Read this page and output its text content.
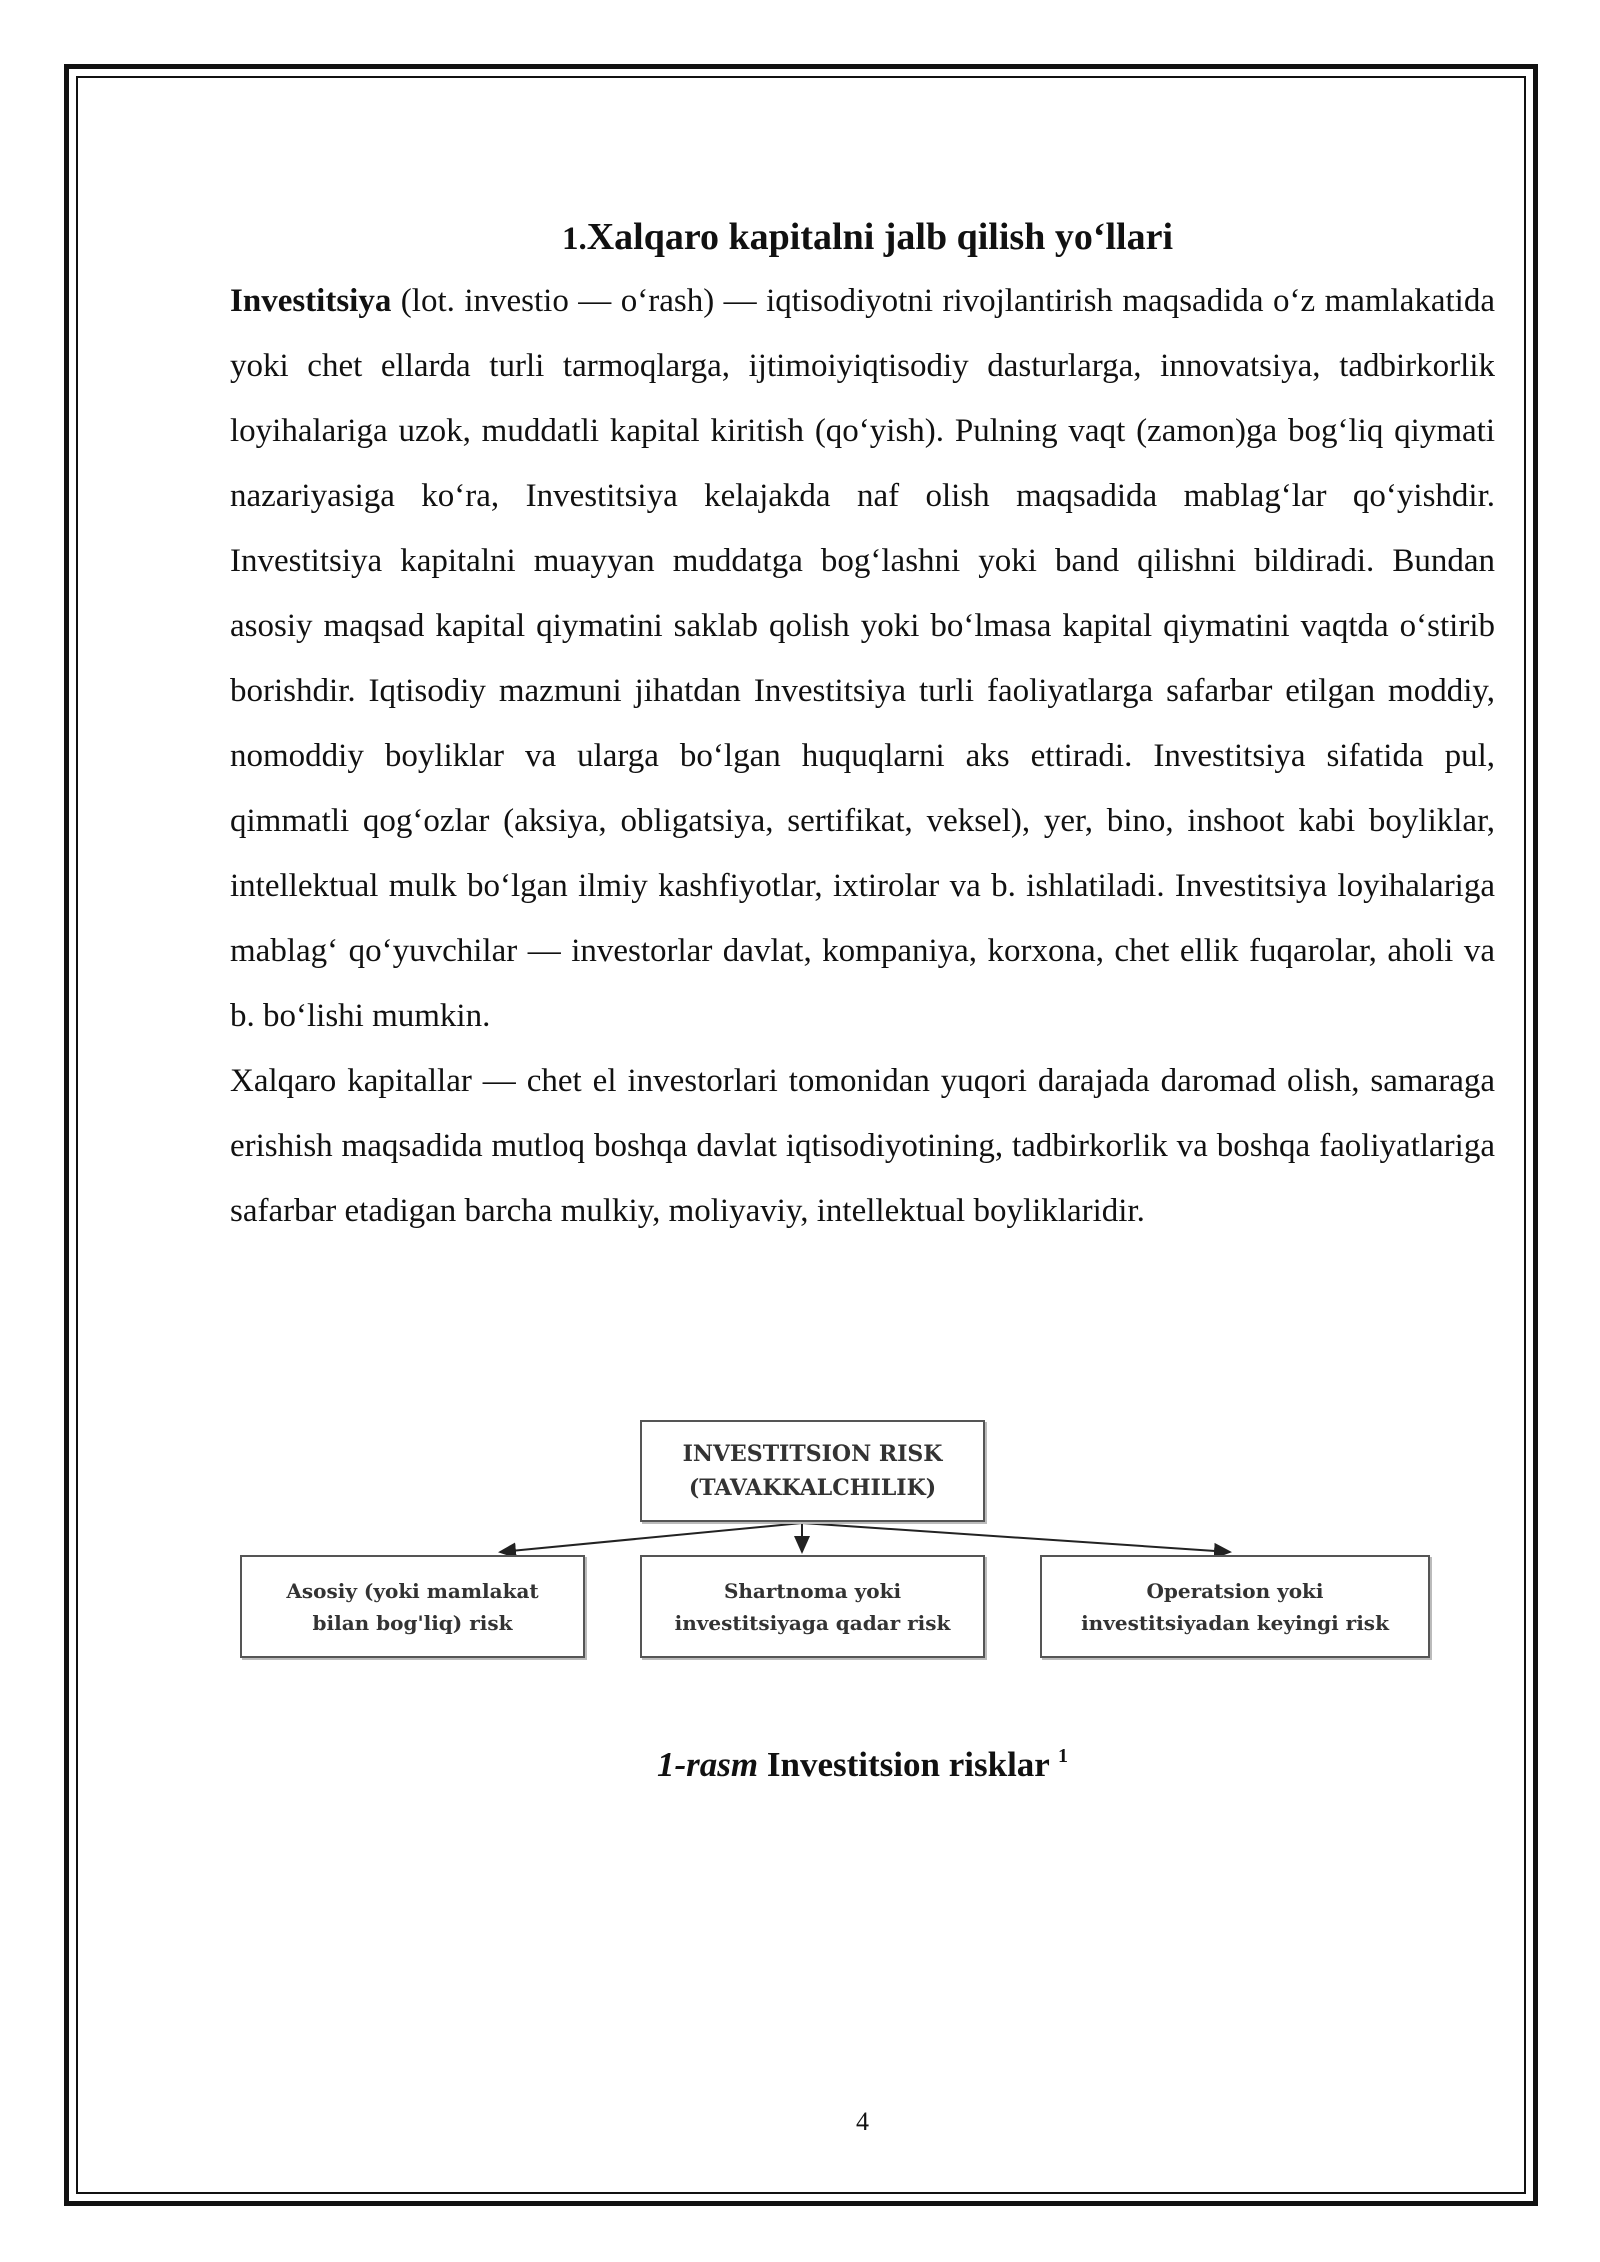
1.Xalqaro kapitalni jalb qilish yo‘llari

Investitsiya (lot. investio — o‘rash) — iqtisodiyotni rivojlantirish maqsadida o‘z mamlakatida yoki chet ellarda turli tarmoqlarga, ijtimoiyiqtisodiy dasturlarga, innovatsiya, tadbirkorlik loyihalariga uzok, muddatli kapital kiritish (qo‘yish). Pulning vaqt (zamon)ga bog‘liq qiymati nazariyasiga ko‘ra, Investitsiya kelajakda naf olish maqsadida mablag‘lar qo‘yishdir. Investitsiya kapitalni muayyan muddatga bog‘lashni yoki band qilishni bildiradi. Bundan asosiy maqsad kapital qiymatini saklab qolish yoki bo‘lmasa kapital qiymatini vaqtda o‘stirib borishdir. Iqtisodiy mazmuni jihatdan Investitsiya turli faoliyatlarga safarbar etilgan moddiy, nomoddiy boyliklar va ularga bo‘lgan huquqlarni aks ettiradi. Investitsiya sifatida pul, qimmatli qog‘ozlar (aksiya, obligatsiya, sertifikat, veksel), yer, bino, inshoot kabi boyliklar, intellektual mulk bo‘lgan ilmiy kashfiyotlar, ixtirolar va b. ishlatiladi. Investitsiya loyihalariga mablag‘ qo‘yuvchilar — investorlar davlat, kompaniya, korxona, chet ellik fuqarolar, aholi va b. bo‘lishi mumkin.

Xalqaro kapitallar — chet el investorlari tomonidan yuqori darajada daromad olish, samaraga erishish maqsadida mutloq boshqa davlat iqtisodiyotining, tadbirkorlik va boshqa faoliyatlariga safarbar etadigan barcha mulkiy, moliyaviy, intellektual boyliklaridir.

INVESTITSION RISK
(TAVAKKALCHILIK)
Asosiy (yoki mamlakat
bilan bog'liq) risk
Shartnoma yoki
investitsiyaga qadar risk
Operatsion yoki
investitsiyadan keyingi risk
1-rasm Investitsion risklar $^1$
4
